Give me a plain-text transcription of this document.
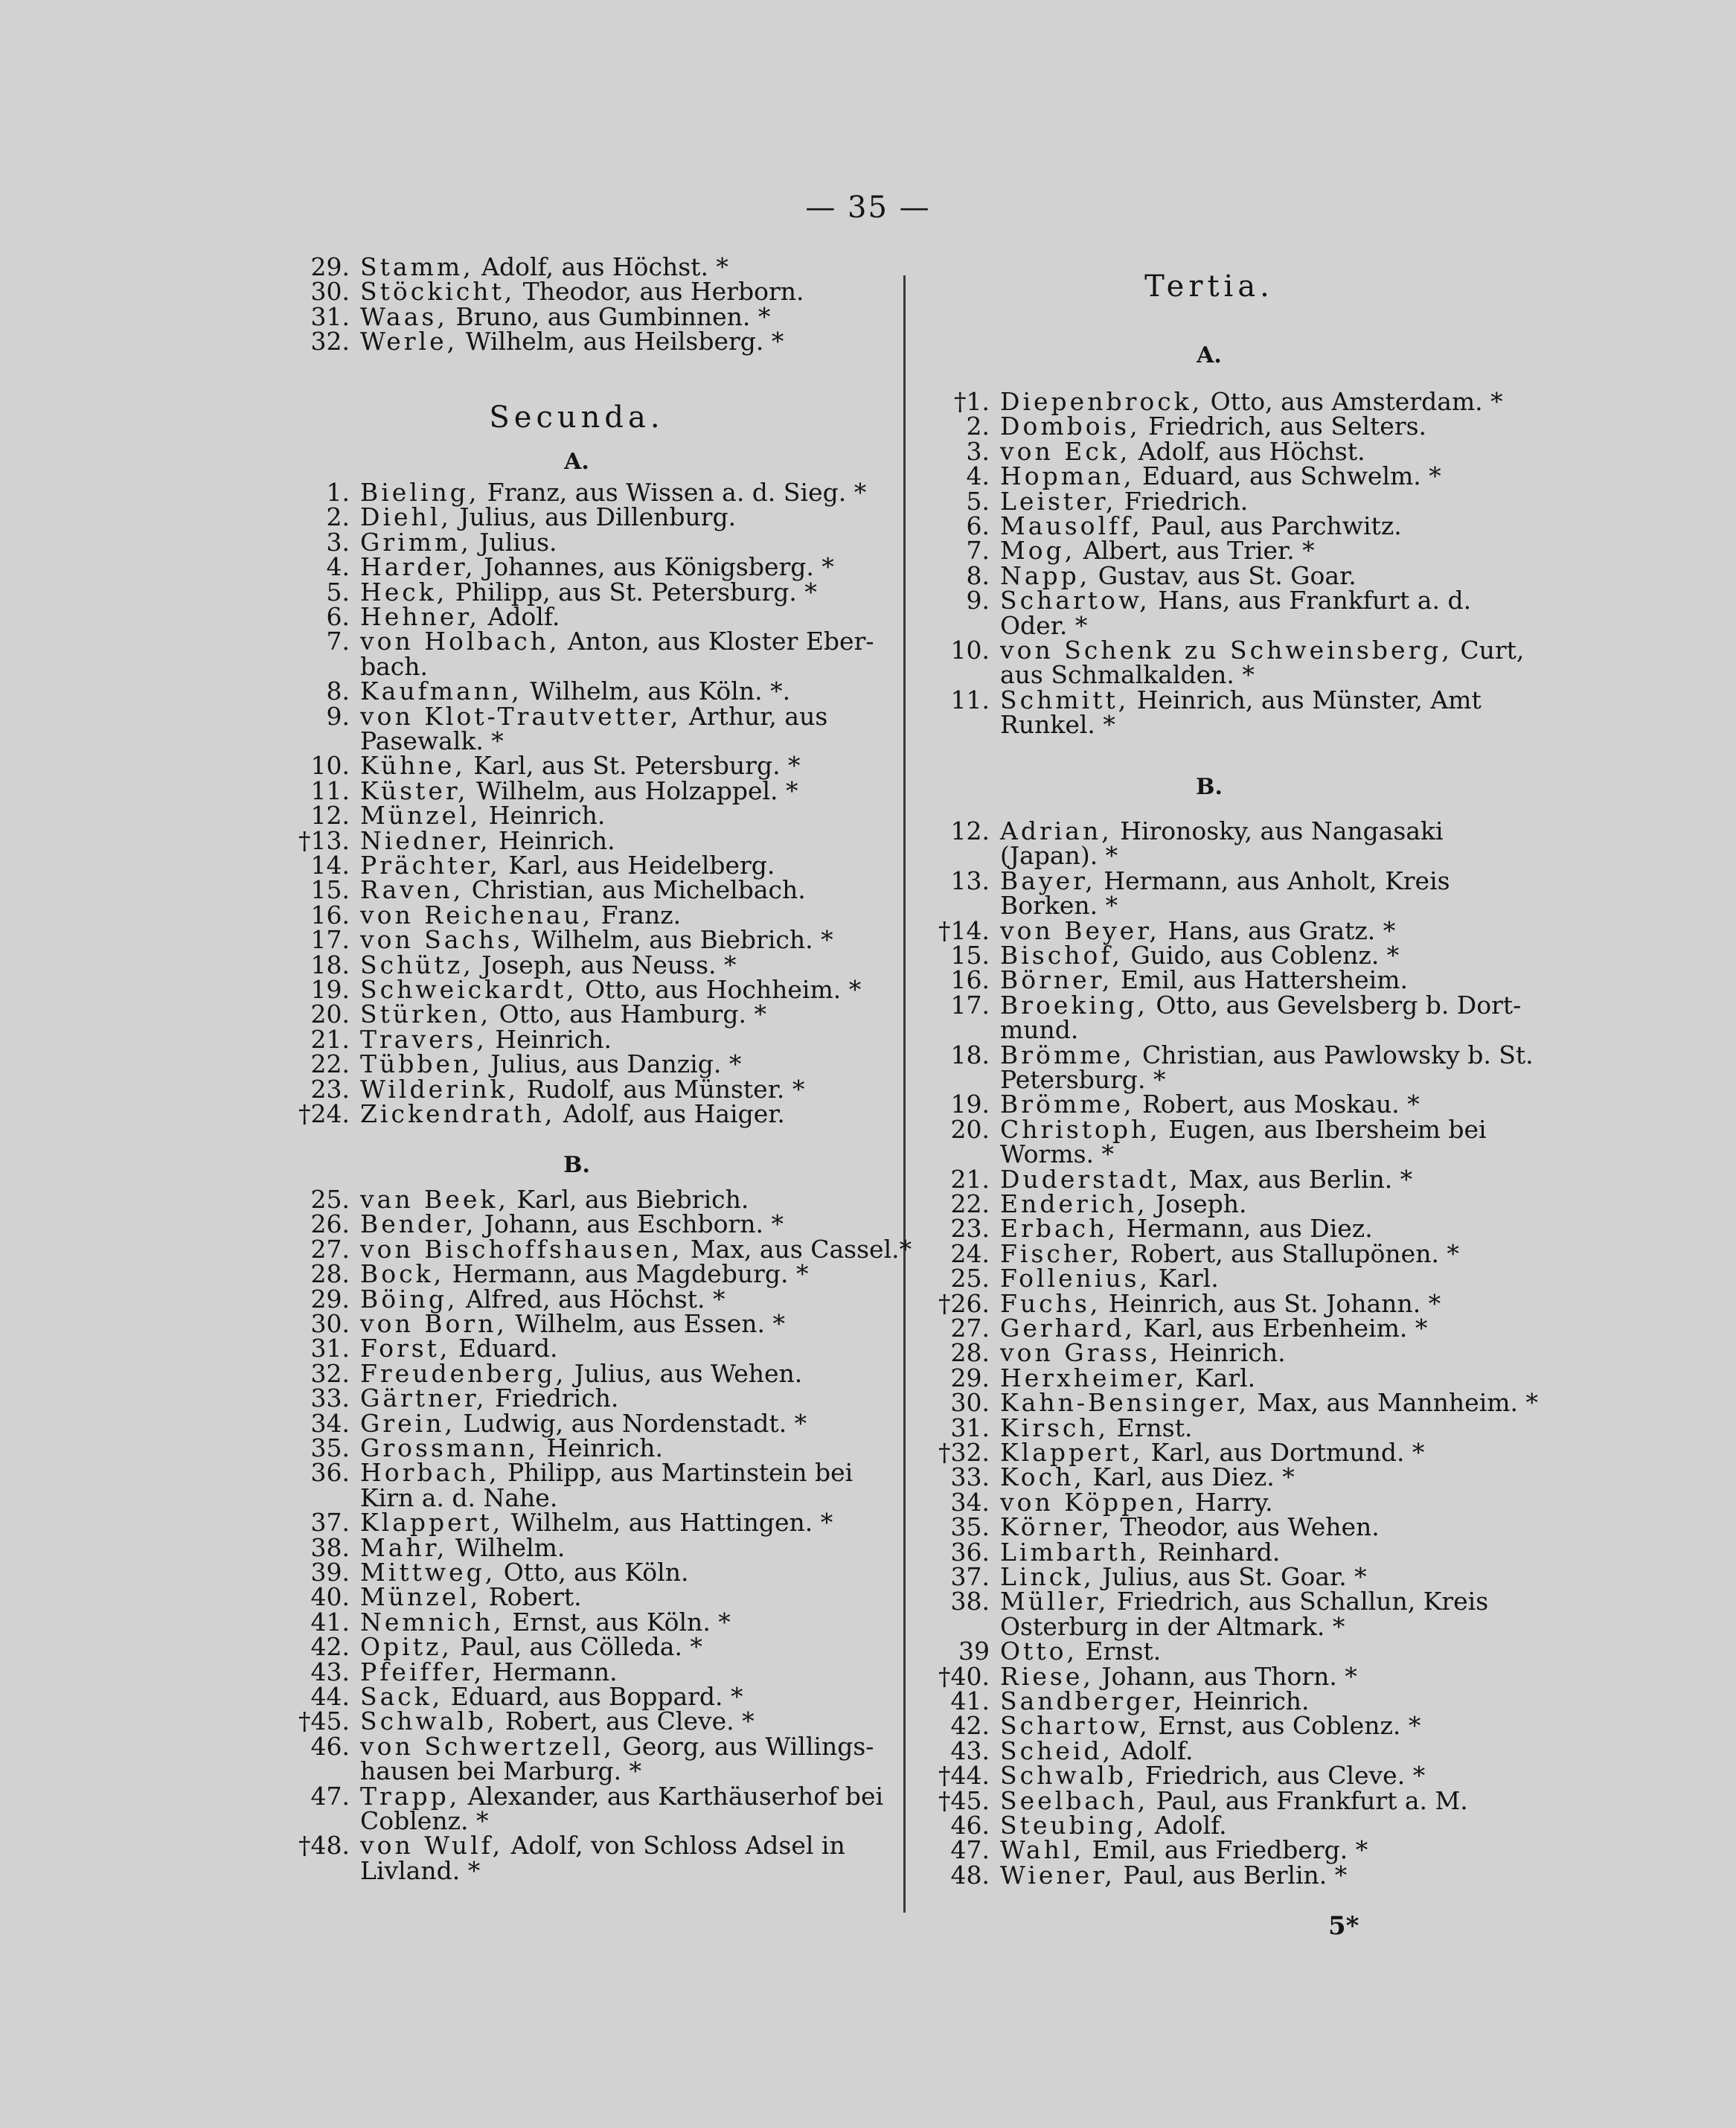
— 35 —
29. Stamm, Adolf, aus Höchst. *
30. Stöckicht, Theodor, aus Herborn.
31. Waas, Bruno, aus Gumbinnen. *
32. Werle, Wilhelm, aus Heilsberg. *
Secunda.
A.
1. Bieling, Franz, aus Wissen a. d. Sieg. *
2. Diehl, Julius, aus Dillenburg.
3. Grimm, Julius.
4. Harder, Johannes, aus Königsberg. *
5. Heck, Philipp, aus St. Petersburg. *
6. Hehner, Adolf.
7. von Holbach, Anton, aus Kloster Eber-
bach.
8. Kaufmann, Wilhelm, aus Köln. *.
9. von Klot-Trautvetter, Arthur, aus
Pasewalk. *
10. Kühne, Karl, aus St. Petersburg. *
11. Küster, Wilhelm, aus Holzappel. *
12. Münzel, Heinrich.
†13. Niedner, Heinrich.
14. Prächter, Karl, aus Heidelberg.
15. Raven, Christian, aus Michelbach.
16. von Reichenau, Franz.
17. von Sachs, Wilhelm, aus Biebrich. *
18. Schütz, Joseph, aus Neuss. *
19. Schweickardt, Otto, aus Hochheim. *
20. Stürken, Otto, aus Hamburg. *
21. Travers, Heinrich.
22. Tübben, Julius, aus Danzig. *
23. Wilderink, Rudolf, aus Münster. *
†24. Zickendrath, Adolf, aus Haiger.
B.
25. van Beek, Karl, aus Biebrich.
26. Bender, Johann, aus Eschborn. *
27. von Bischoffshausen, Max, aus Cassel.*
28. Bock, Hermann, aus Magdeburg. *
29. Böing, Alfred, aus Höchst. *
30. von Born, Wilhelm, aus Essen. *
31. Forst, Eduard.
32. Freudenberg, Julius, aus Wehen.
33. Gärtner, Friedrich.
34. Grein, Ludwig, aus Nordenstadt. *
35. Grossmann, Heinrich.
36. Horbach, Philipp, aus Martinstein bei
Kirn a. d. Nahe.
37. Klappert, Wilhelm, aus Hattingen. *
38. Mahr, Wilhelm.
39. Mittweg, Otto, aus Köln.
40. Münzel, Robert.
41. Nemnich, Ernst, aus Köln. *
42. Opitz, Paul, aus Cölleda. *
43. Pfeiffer, Hermann.
44. Sack, Eduard, aus Boppard. *
†45. Schwalb, Robert, aus Cleve. *
46. von Schwertzell, Georg, aus Willings-
hausen bei Marburg. *
47. Trapp, Alexander, aus Karthäuserhof bei
Coblenz. *
†48. von Wulf, Adolf, von Schloss Adsel in
Livland. *
Tertia.
A.
†1. Diepenbrock, Otto, aus Amsterdam. *
2. Dombois, Friedrich, aus Selters.
3. von Eck, Adolf, aus Höchst.
4. Hopman, Eduard, aus Schwelm. *
5. Leister, Friedrich.
6. Mausolff, Paul, aus Parchwitz.
7. Mog, Albert, aus Trier. *
8. Napp, Gustav, aus St. Goar.
9. Schartow, Hans, aus Frankfurt a. d.
Oder. *
10. von Schenk zu Schweinsberg, Curt,
aus Schmalkalden. *
11. Schmitt, Heinrich, aus Münster, Amt
Runkel. *
B.
12. Adrian, Hironosky, aus Nangasaki
(Japan). *
13. Bayer, Hermann, aus Anholt, Kreis
Borken. *
†14. von Beyer, Hans, aus Gratz. *
15. Bischof, Guido, aus Coblenz. *
16. Börner, Emil, aus Hattersheim.
17. Broeking, Otto, aus Gevelsberg b. Dort-
mund.
18. Brömme, Christian, aus Pawlowsky b. St.
Petersburg. *
19. Brömme, Robert, aus Moskau. *
20. Christoph, Eugen, aus Ibersheim bei
Worms. *
21. Duderstadt, Max, aus Berlin. *
22. Enderich, Joseph.
23. Erbach, Hermann, aus Diez.
24. Fischer, Robert, aus Stallupönen. *
25. Follenius, Karl.
†26. Fuchs, Heinrich, aus St. Johann. *
27. Gerhard, Karl, aus Erbenheim. *
28. von Grass, Heinrich.
29. Herxheimer, Karl.
30. Kahn-Bensinger, Max, aus Mannheim. *
31. Kirsch, Ernst.
†32. Klappert, Karl, aus Dortmund. *
33. Koch, Karl, aus Diez. *
34. von Köppen, Harry.
35. Körner, Theodor, aus Wehen.
36. Limbarth, Reinhard.
37. Linck, Julius, aus St. Goar. *
38. Müller, Friedrich, aus Schallun, Kreis
Osterburg in der Altmark. *
39 Otto, Ernst.
†40. Riese, Johann, aus Thorn. *
41. Sandberger, Heinrich.
42. Schartow, Ernst, aus Coblenz. *
43. Scheid, Adolf.
†44. Schwalb, Friedrich, aus Cleve. *
†45. Seelbach, Paul, aus Frankfurt a. M.
46. Steubing, Adolf.
47. Wahl, Emil, aus Friedberg. *
48. Wiener, Paul, aus Berlin. *
5*
